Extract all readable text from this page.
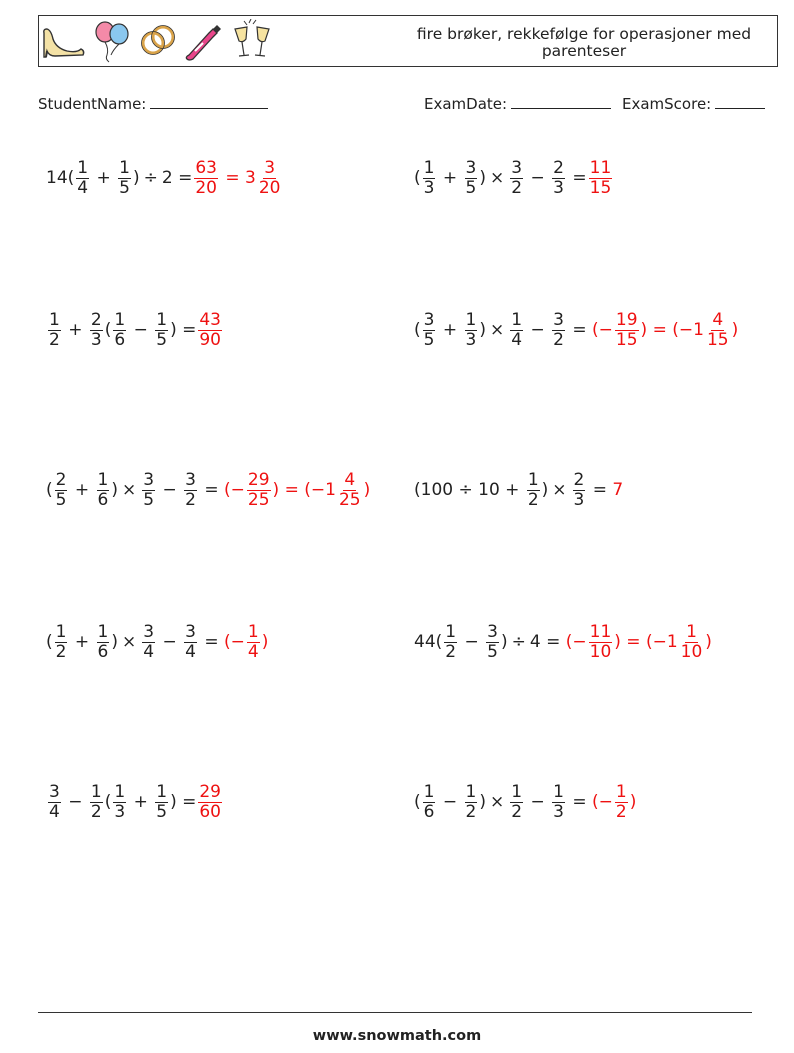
fire brøker, rekkefølge for operasjoner med parenteser
StudentName:	ExamDate:	ExamScore:
$14( \frac{1}{4} + \frac{1}{5}$ ) ÷ $2 = \frac{63}{20} = 3 \frac{3}{20}$	( $\frac{1}{3} + \frac{3}{5}$ ) × $\frac{3}{2} - \frac{2}{3} = \frac{11}{15}$
$\frac{1}{2} + \frac{2}{3}$ ( $\frac{1}{6} - \frac{1}{5}$ ) = $\frac{43}{90}$	( $\frac{3}{5} + \frac{1}{3}$ ) × $\frac{1}{4} - \frac{3}{2}$ = (− $\frac{19}{15}$ ) = ($-1 \frac{4}{15}$ )
( $\frac{2}{5} + \frac{1}{6}$ ) × $\frac{3}{5} - \frac{3}{2}$ = (− $\frac{29}{25}$ ) = ($-1 \frac{4}{25}$ )	($100 \div 10 + \frac{1}{2}$ ) × $\frac{2}{3} = 7$
( $\frac{1}{2} + \frac{1}{6}$ ) × $\frac{3}{4} - \frac{3}{4}$ = (− $\frac{1}{4}$ )	$44( \frac{1}{2} - \frac{3}{5}$ ) ÷ 4 = (− $\frac{11}{10}$ ) = ($-1 \frac{1}{10}$ )
$\frac{3}{4} - \frac{1}{2}$ ( $\frac{1}{3} + \frac{1}{5}$ ) = $\frac{29}{60}$	( $\frac{1}{6} - \frac{1}{2}$ ) × $\frac{1}{2} - \frac{1}{3}$ = (− $\frac{1}{2}$ )
www.snowmath.com
